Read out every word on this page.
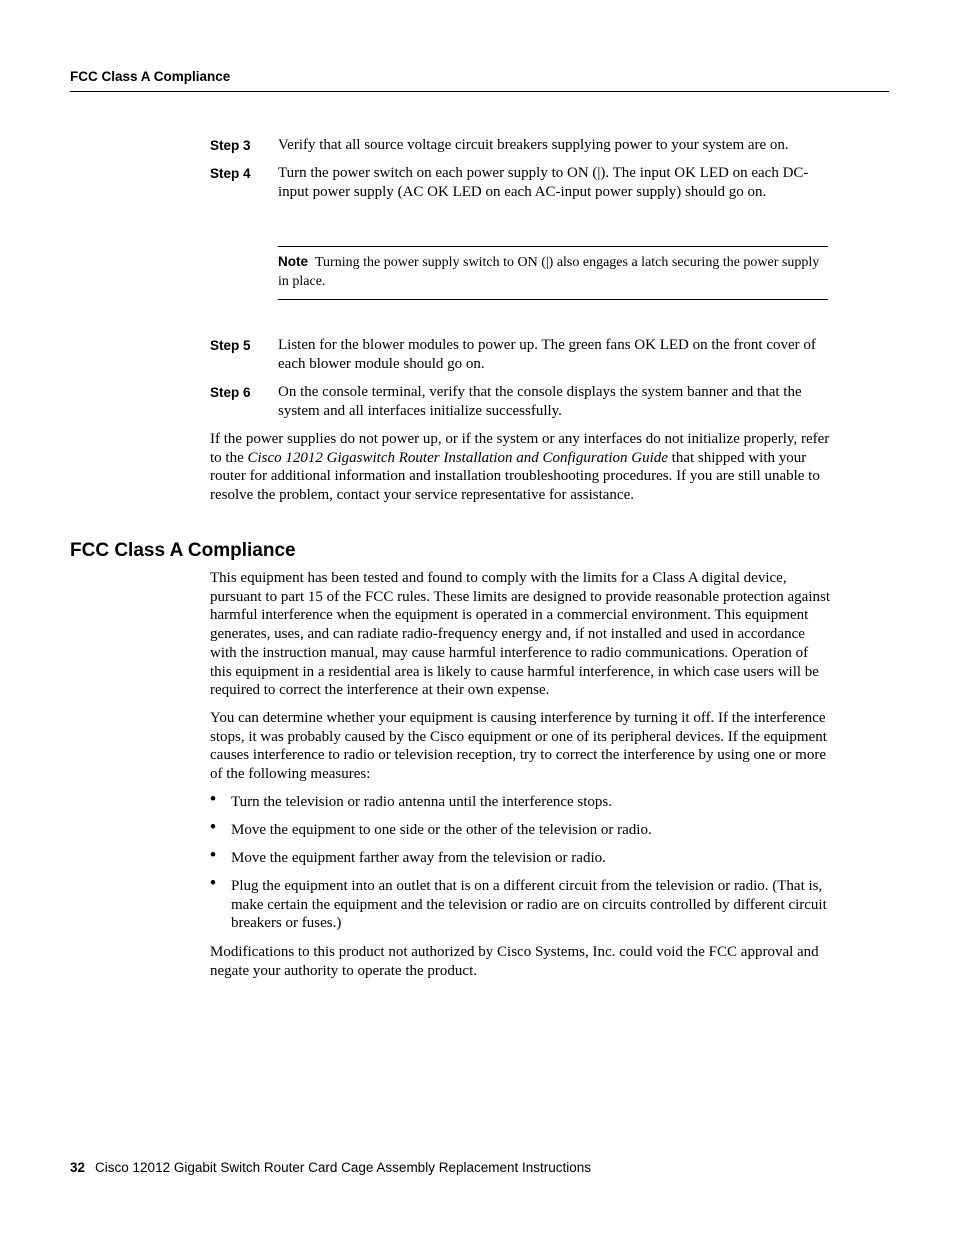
FCC Class A Compliance
Step 3 Verify that all source voltage circuit breakers supplying power to your system are on.
Step 4 Turn the power switch on each power supply to ON (|). The input OK LED on each DC-input power supply (AC OK LED on each AC-input power supply) should go on.
Note Turning the power supply switch to ON (|) also engages a latch securing the power supply in place.
Step 5 Listen for the blower modules to power up. The green fans OK LED on the front cover of each blower module should go on.
Step 6 On the console terminal, verify that the console displays the system banner and that the system and all interfaces initialize successfully.

If the power supplies do not power up, or if the system or any interfaces do not initialize properly, refer to the Cisco 12012 Gigaswitch Router Installation and Configuration Guide that shipped with your router for additional information and installation troubleshooting procedures. If you are still unable to resolve the problem, contact your service representative for assistance.

FCC Class A Compliance

This equipment has been tested and found to comply with the limits for a Class A digital device, pursuant to part 15 of the FCC rules. These limits are designed to provide reasonable protection against harmful interference when the equipment is operated in a commercial environment. This equipment generates, uses, and can radiate radio-frequency energy and, if not installed and used in accordance with the instruction manual, may cause harmful interference to radio communications. Operation of this equipment in a residential area is likely to cause harmful interference, in which case users will be required to correct the interference at their own expense.

You can determine whether your equipment is causing interference by turning it off. If the interference stops, it was probably caused by the Cisco equipment or one of its peripheral devices. If the equipment causes interference to radio or television reception, try to correct the interference by using one or more of the following measures:

• Turn the television or radio antenna until the interference stops.
• Move the equipment to one side or the other of the television or radio.
• Move the equipment farther away from the television or radio.
• Plug the equipment into an outlet that is on a different circuit from the television or radio. (That is, make certain the equipment and the television or radio are on circuits controlled by different circuit breakers or fuses.)

Modifications to this product not authorized by Cisco Systems, Inc. could void the FCC approval and negate your authority to operate the product.

32 Cisco 12012 Gigabit Switch Router Card Cage Assembly Replacement Instructions
